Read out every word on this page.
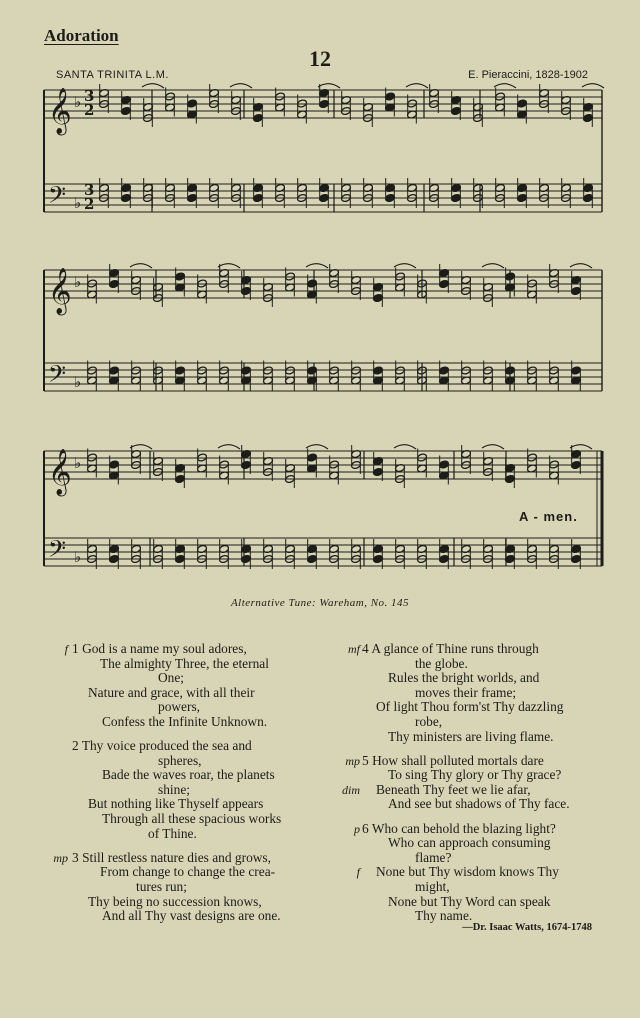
Adoration
12
SANTA TRINITA L.M.	E. Pieraccini, 1828-1902
𝄞
𝄢
♭
♭
3
2
3
2
𝄞
𝄢
♭
♭
𝄞
𝄢
♭
♭
A - men.
Alternative Tune: Wareham, No. 145
f 1 God is a name my soul adores,
The almighty Three, the eternal
One;
Nature and grace, with all their
powers,
Confess the Infinite Unknown.
2 Thy voice produced the sea and
spheres,
Bade the waves roar, the planets
shine;
But nothing like Thyself appears
Through all these spacious works
of Thine.
mp 3 Still restless nature dies and grows,
From change to change the crea-
tures run;
Thy being no succession knows,
And all Thy vast designs are one.
mf 4 A glance of Thine runs through
the globe.
Rules the bright worlds, and
moves their frame;
Of light Thou form'st Thy dazzling
robe,
Thy ministers are living flame.
mp 5 How shall polluted mortals dare
To sing Thy glory or Thy grace?
dim Beneath Thy feet we lie afar,
And see but shadows of Thy face.
p 6 Who can behold the blazing light?
Who can approach consuming
flame?
f None but Thy wisdom knows Thy
might,
None but Thy Word can speak
Thy name.
—Dr. Isaac Watts, 1674-1748
